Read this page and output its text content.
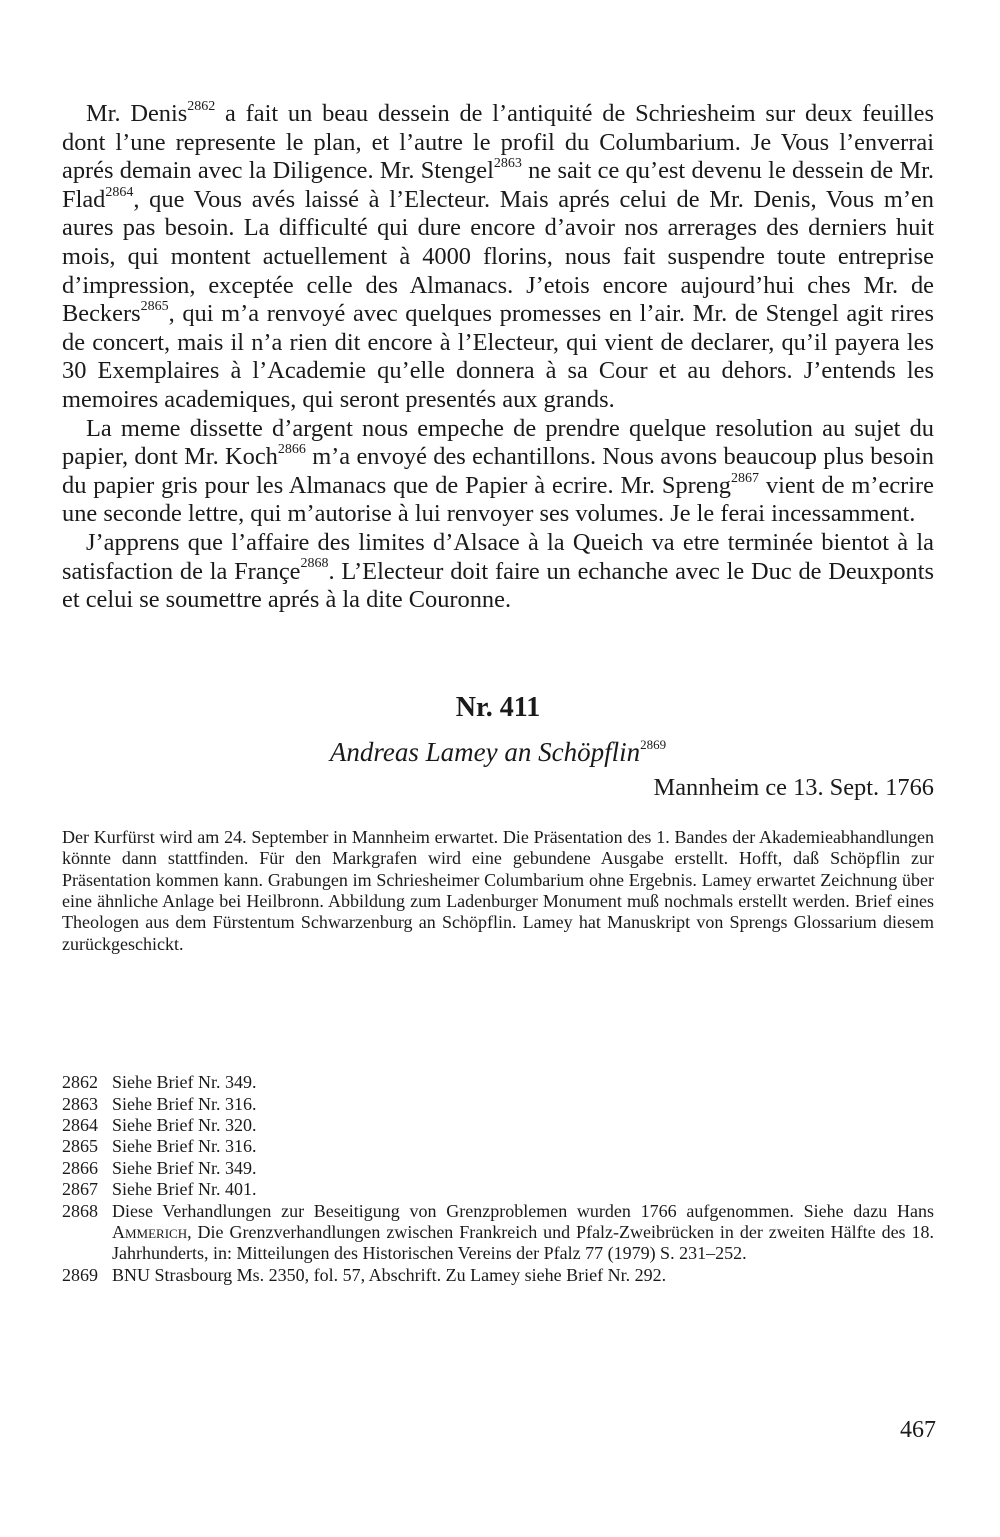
Mr. Denis$^{2862}$ a fait un beau dessein de l’antiquité de Schriesheim sur deux feuilles dont l’une represente le plan, et l’autre le profil du Columbarium. Je Vous l’enverrai aprés demain avec la Diligence. Mr. Stengel$^{2863}$ ne sait ce qu’est devenu le dessein de Mr. Flad$^{2864}$, que Vous avés laissé à l’Electeur. Mais aprés celui de Mr. Denis, Vous m’en aures pas besoin. La difficulté qui dure encore d’avoir nos arrerages des derniers huit mois, qui montent actuellement à 4000 florins, nous fait suspendre toute entreprise d’impression, exceptée celle des Almanacs. J’etois encore aujourd’hui ches Mr. de Beckers$^{2865}$, qui m’a renvoyé avec quelques promesses en l’air. Mr. de Stengel agit rires de concert, mais il n’a rien dit encore à l’Electeur, qui vient de declarer, qu’il payera les 30 Exemplaires à l’Academie qu’elle donnera à sa Cour et au dehors. J’entends les memoires academiques, qui seront presentés aux grands.

La meme dissette d’argent nous empeche de prendre quelque resolution au sujet du papier, dont Mr. Koch$^{2866}$ m’a envoyé des echantillons. Nous avons beaucoup plus besoin du papier gris pour les Almanacs que de Papier à ecrire. Mr. Spreng$^{2867}$ vient de m’ecrire une seconde lettre, qui m’autorise à lui renvoyer ses volumes. Je le ferai incessamment.

J’apprens que l’affaire des limites d’Alsace à la Queich va etre terminée bientot à la satisfaction de la Françe$^{2868}$. L’Electeur doit faire un echanche avec le Duc de Deuxponts et celui se soumettre aprés à la dite Couronne.

Nr. 411

Andreas Lamey an Schöpflin$^{2869}$

Mannheim ce 13. Sept. 1766

Der Kurfürst wird am 24. September in Mannheim erwartet. Die Präsentation des 1. Bandes der Akademieabhandlungen könnte dann stattfinden. Für den Markgrafen wird eine gebundene Ausgabe erstellt. Hofft, daß Schöpflin zur Präsentation kommen kann. Grabungen im Schriesheimer Columbarium ohne Ergebnis. Lamey erwartet Zeichnung über eine ähnliche Anlage bei Heilbronn. Abbildung zum Ladenburger Monument muß nochmals erstellt werden. Brief eines Theologen aus dem Fürstentum Schwarzenburg an Schöpflin. Lamey hat Manuskript von Sprengs Glossarium diesem zurückgeschickt.
2862 Siehe Brief Nr. 349.
2863 Siehe Brief Nr. 316.
2864 Siehe Brief Nr. 320.
2865 Siehe Brief Nr. 316.
2866 Siehe Brief Nr. 349.
2867 Siehe Brief Nr. 401.
2868 Diese Verhandlungen zur Beseitigung von Grenzproblemen wurden 1766 aufgenommen. Siehe dazu Hans Ammerich, Die Grenzverhandlungen zwischen Frankreich und Pfalz-Zweibrücken in der zweiten Hälfte des 18. Jahrhunderts, in: Mitteilungen des Historischen Vereins der Pfalz 77 (1979) S. 231–252.
2869 BNU Strasbourg Ms. 2350, fol. 57, Abschrift. Zu Lamey siehe Brief Nr. 292.
467
